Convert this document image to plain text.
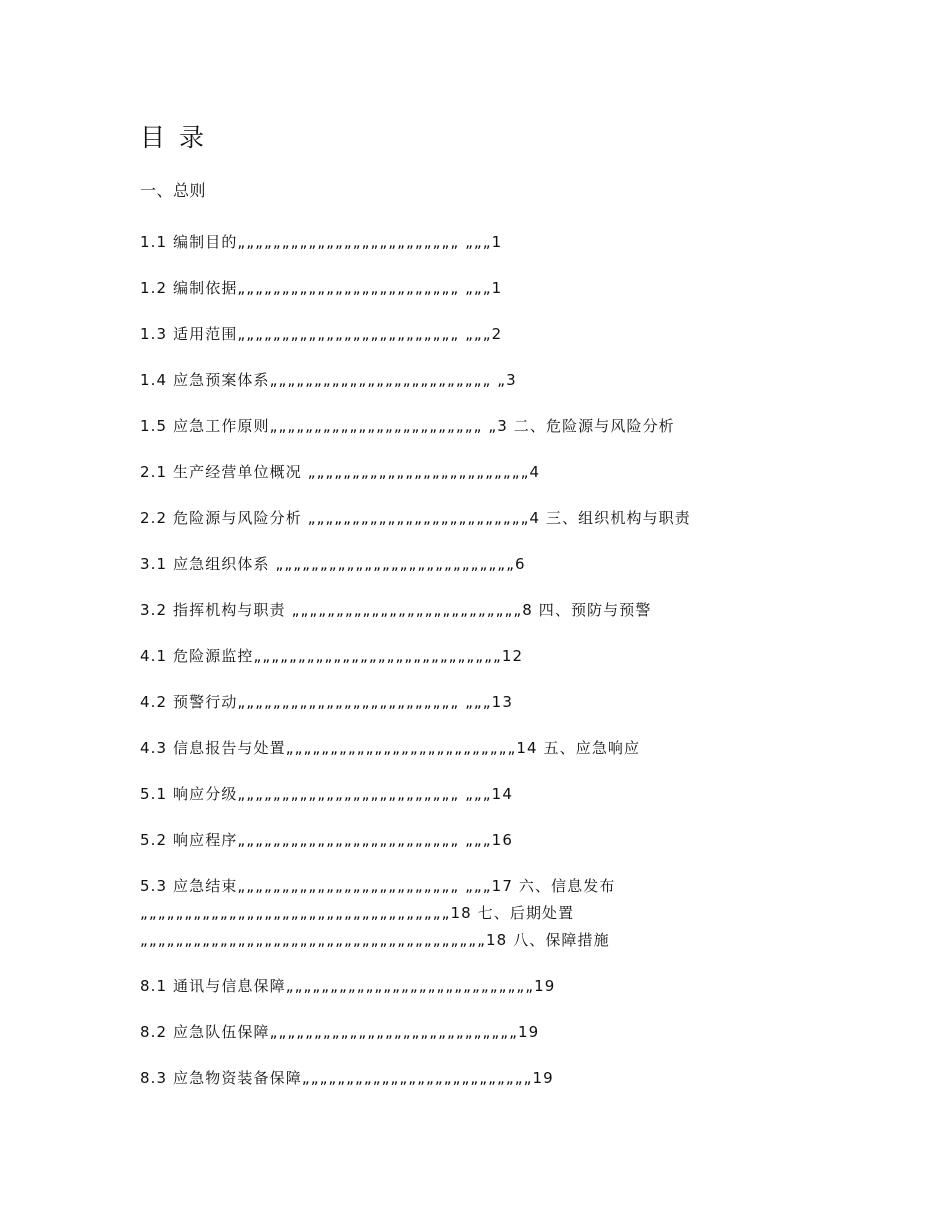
目 录
一、总则
1.1 编制目的„„„„„„„„„„„„„„„„„„„„„„„„„ „„„1
1.2 编制依据„„„„„„„„„„„„„„„„„„„„„„„„„ „„„1
1.3 适用范围„„„„„„„„„„„„„„„„„„„„„„„„„ „„„2
1.4 应急预案体系„„„„„„„„„„„„„„„„„„„„„„„„„ „3
1.5 应急工作原则„„„„„„„„„„„„„„„„„„„„„„„„ „3 二、危险源与风险分析
2.1 生产经营单位概况 „„„„„„„„„„„„„„„„„„„„„„„„„4
2.2 危险源与风险分析 „„„„„„„„„„„„„„„„„„„„„„„„„4 三、组织机构与职责
3.1 应急组织体系 „„„„„„„„„„„„„„„„„„„„„„„„„„„6
3.2 指挥机构与职责 „„„„„„„„„„„„„„„„„„„„„„„„„„8 四、预防与预警
4.1 危险源监控„„„„„„„„„„„„„„„„„„„„„„„„„„„„12
4.2 预警行动„„„„„„„„„„„„„„„„„„„„„„„„„ „„„13
4.3 信息报告与处置„„„„„„„„„„„„„„„„„„„„„„„„„„14 五、应急响应
5.1 响应分级„„„„„„„„„„„„„„„„„„„„„„„„„ „„„14
5.2 响应程序„„„„„„„„„„„„„„„„„„„„„„„„„ „„„16
5.3 应急结束„„„„„„„„„„„„„„„„„„„„„„„„„ „„„17 六、信息发布„„„„„„„„„„„„„„„„„„„„„„„„„„„„„„„„„„„18 七、后期处置„„„„„„„„„„„„„„„„„„„„„„„„„„„„„„„„„„„„„„„18 八、保障措施
8.1 通讯与信息保障„„„„„„„„„„„„„„„„„„„„„„„„„„„„19
8.2 应急队伍保障„„„„„„„„„„„„„„„„„„„„„„„„„„„„19
8.3 应急物资装备保障„„„„„„„„„„„„„„„„„„„„„„„„„„19
